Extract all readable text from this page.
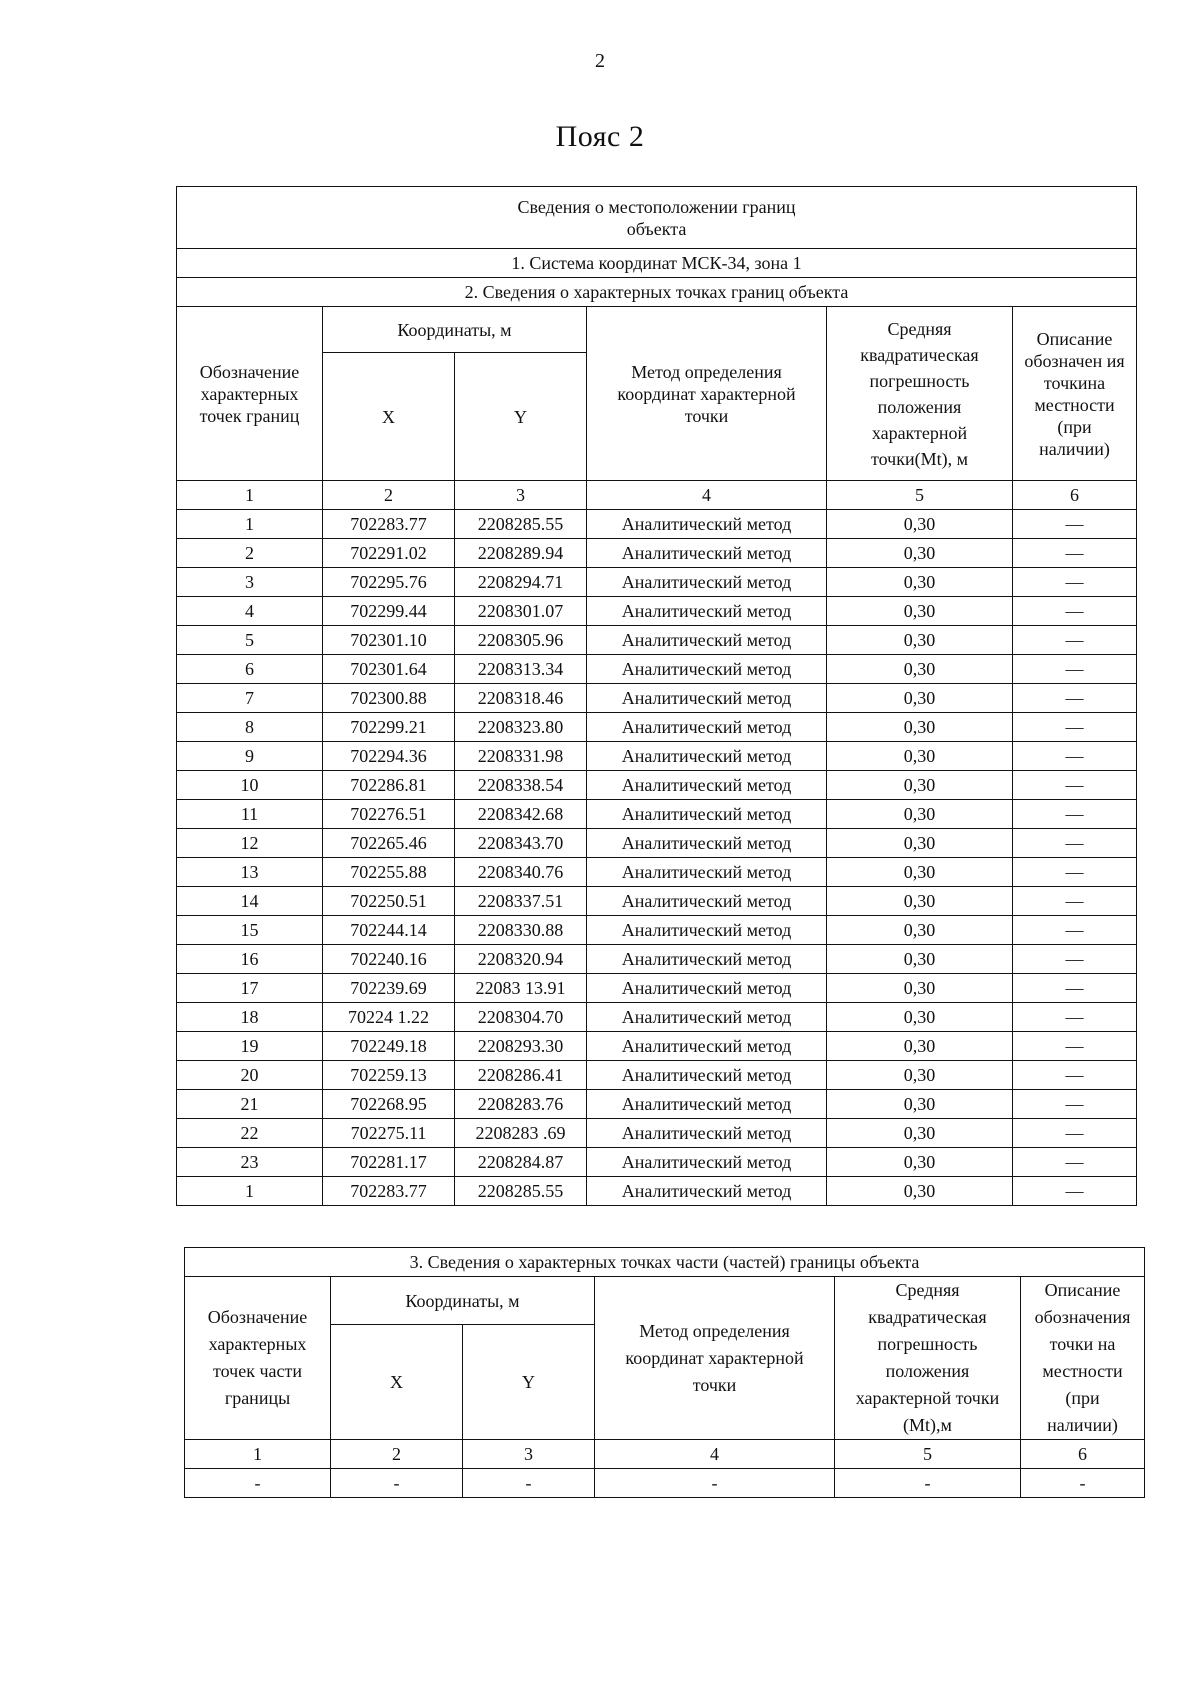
2
Пояс 2
Сведения о местоположении границ объекта					
1. Система координат МСК-34, зона 1					
2. Сведения о характерных точках границ объекта					
Обозначение характерных точек границ	Координаты, м		Метод определения координат характерной точки	Средняя квадратическая погрешность положения характерной точки(Mt), м	Описание обозначен ия точкина местности (при наличии)
	X	Y			
1	2	3	4	5	6
1	702283.77	2208285.55	Аналитический метод	0,30	—
2	702291.02	2208289.94	Аналитический метод	0,30	—
3	702295.76	2208294.71	Аналитический метод	0,30	—
4	702299.44	2208301.07	Аналитический метод	0,30	—
5	702301.10	2208305.96	Аналитический метод	0,30	—
6	702301.64	2208313.34	Аналитический метод	0,30	—
7	702300.88	2208318.46	Аналитический метод	0,30	—
8	702299.21	2208323.80	Аналитический метод	0,30	—
9	702294.36	2208331.98	Аналитический метод	0,30	—
10	702286.81	2208338.54	Аналитический метод	0,30	—
11	702276.51	2208342.68	Аналитический метод	0,30	—
12	702265.46	2208343.70	Аналитический метод	0,30	—
13	702255.88	2208340.76	Аналитический метод	0,30	—
14	702250.51	2208337.51	Аналитический метод	0,30	—
15	702244.14	2208330.88	Аналитический метод	0,30	—
16	702240.16	2208320.94	Аналитический метод	0,30	—
17	702239.69	22083 13.91	Аналитический метод	0,30	—
18	70224 1.22	2208304.70	Аналитический метод	0,30	—
19	702249.18	2208293.30	Аналитический метод	0,30	—
20	702259.13	2208286.41	Аналитический метод	0,30	—
21	702268.95	2208283.76	Аналитический метод	0,30	—
22	702275.11	2208283 .69	Аналитический метод	0,30	—
23	702281.17	2208284.87	Аналитический метод	0,30	—
1	702283.77	2208285.55	Аналитический метод	0,30	—
3. Сведения о характерных точках части (частей) границы объекта					
Обозначение характерных точек части границы	Координаты, м		Метод определения координат характерной точки	Средняя квадратическая погрешность положения характерной точки (Mt),м	Описание обозначения точки на местности (при наличии)
	X	Y			
1	2	3	4	5	6
-	-	-	-	-	-
